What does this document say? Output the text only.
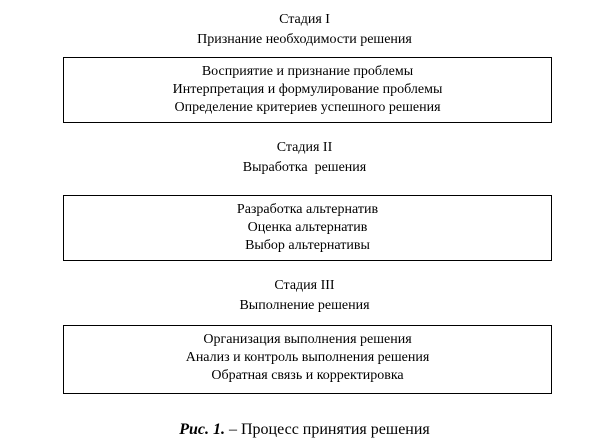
Стадия I
Признание необходимости решения
Восприятие и признание проблемы
Интерпретация и формулирование проблемы
Определение критериев успешного решения
Стадия II
Выработка  решения
Разработка альтернатив
Оценка альтернатив
Выбор альтернативы
Стадия III
Выполнение решения
Организация выполнения решения
Анализ и контроль выполнения решения
Обратная связь и корректировка
Рис. 1. – Процесс принятия решения
